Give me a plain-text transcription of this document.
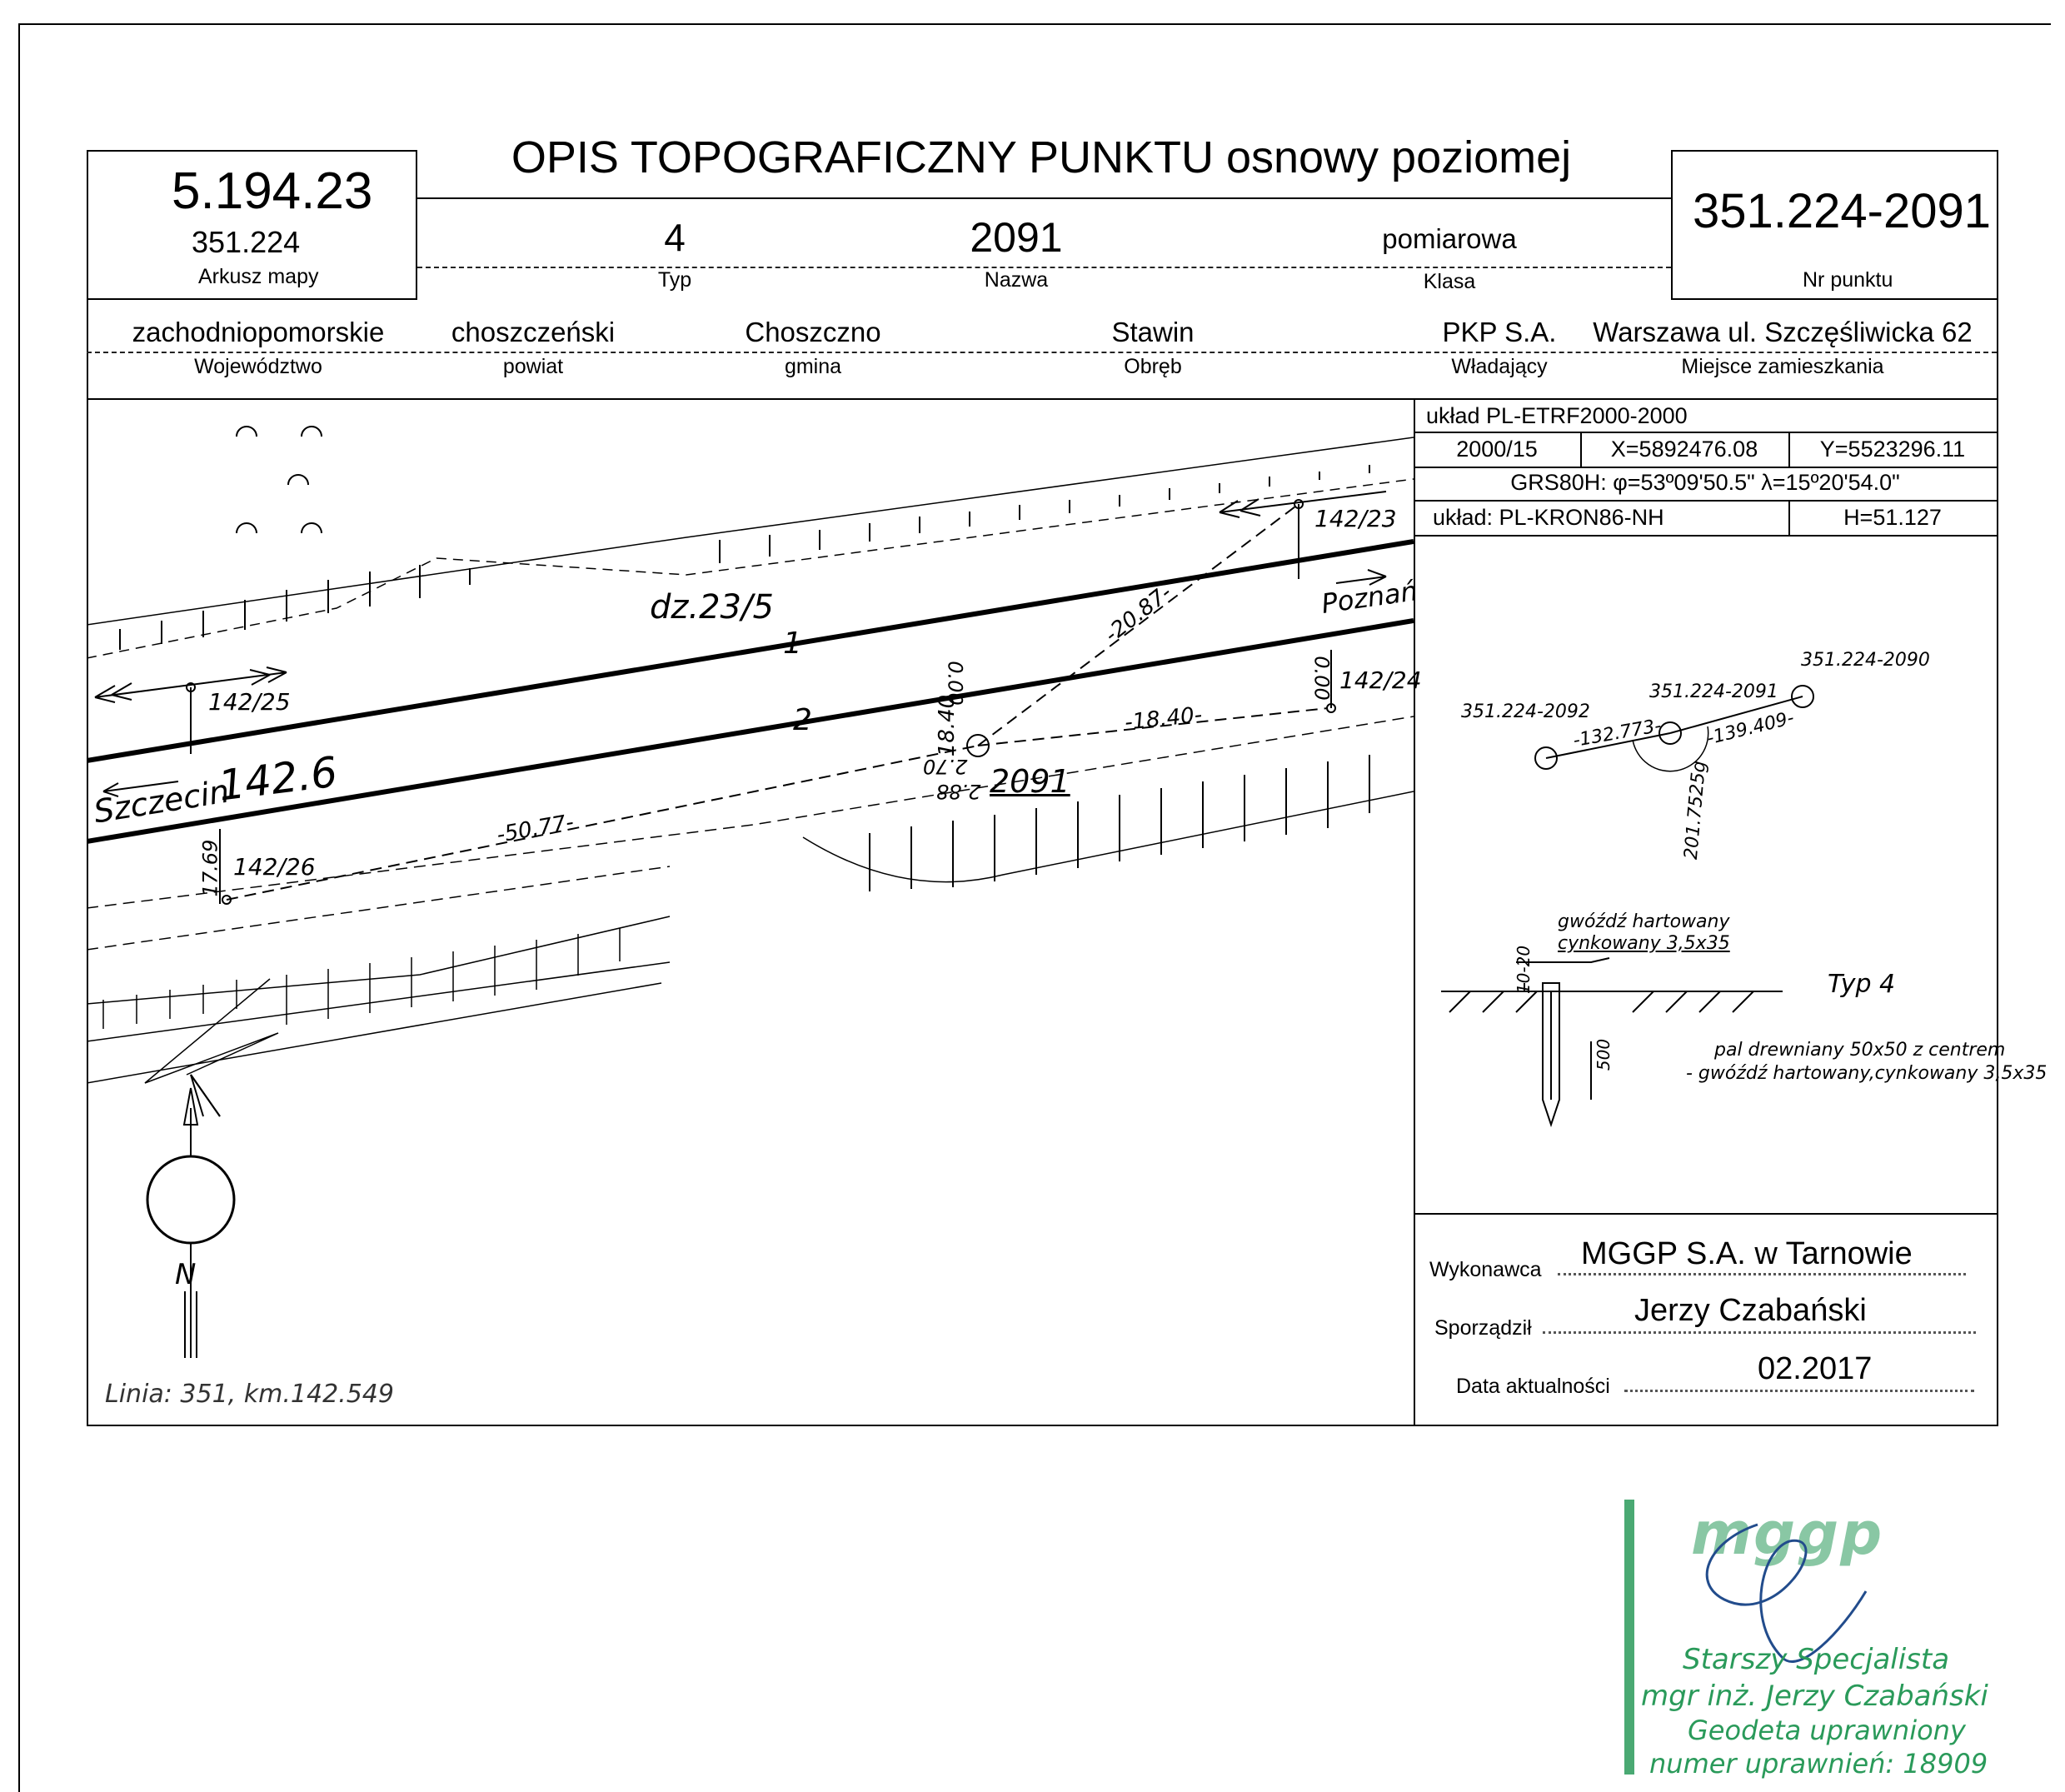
OPIS TOPOGRAFICZNY PUNKTU osnowy poziomej
5.194.23
351.224
Arkusz mapy
351.224-2091
Nr punktu
4
Typ
2091
Nazwa
pomiarowa
Klasa
zachodniopomorskie
Województwo
choszczeński
powiat
Choszczno
gmina
Stawin
Obręb
PKP S.A.
Władający
Warszawa ul. Szczęśliwicka 62
Miejsce zamieszkania
układ PL-ETRF2000-2000
2000/15	X=5892476.08	Y=5523296.11
GRS80H: φ=53º09'50.5" λ=15º20'54.0"
układ: PL-KRON86-NH	H=51.127
dz.23/5
1
2
142.6
Szczecin
Poznań
142/23
142/24
142/25
142/26
2091
-20.87-
-18.40-
18.40
-50.77-
0.00	0.00
2.70
2.88
17.69
N
Linia: 351, km.142.549
351.224-2090
351.224-2091
351.224-2092
-132.773- -139.409-
201.7525g
gwóźdź hartowany
cynkowany 3,5x35
10-20
500
Typ 4
pal drewniany 50x50 z centrem
- gwóźdź hartowany,cynkowany 3,5x35
Wykonawca MGGP S.A. w Tarnowie
Sporządził	Jerzy Czabański
Data aktualności	02.2017
mggp
Starszy Specjalista
mgr inż. Jerzy Czabański
Geodeta uprawniony
numer uprawnień: 18909
